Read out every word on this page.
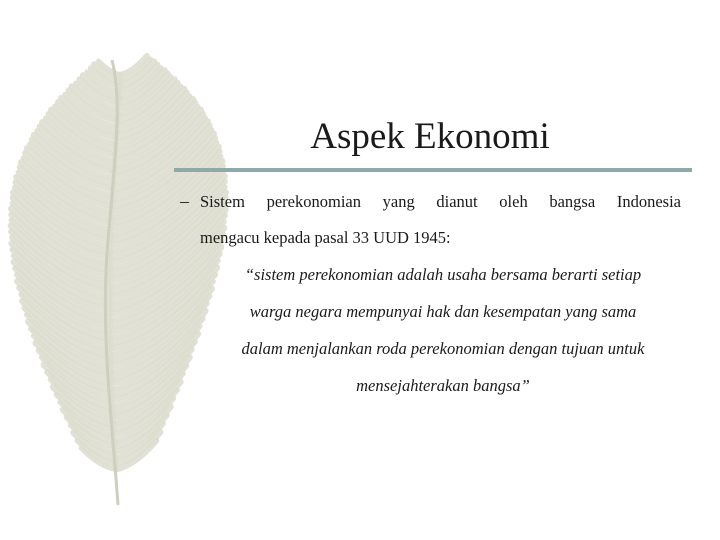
Aspek Ekonomi
– Sistem perekonomian yang dianut oleh bangsa Indonesia
mengacu kepada pasal 33 UUD 1945:
“sistem perekonomian adalah usaha bersama berarti setiap
warga negara mempunyai hak dan kesempatan yang sama
dalam menjalankan roda perekonomian dengan tujuan untuk
mensejahterakan bangsa”
